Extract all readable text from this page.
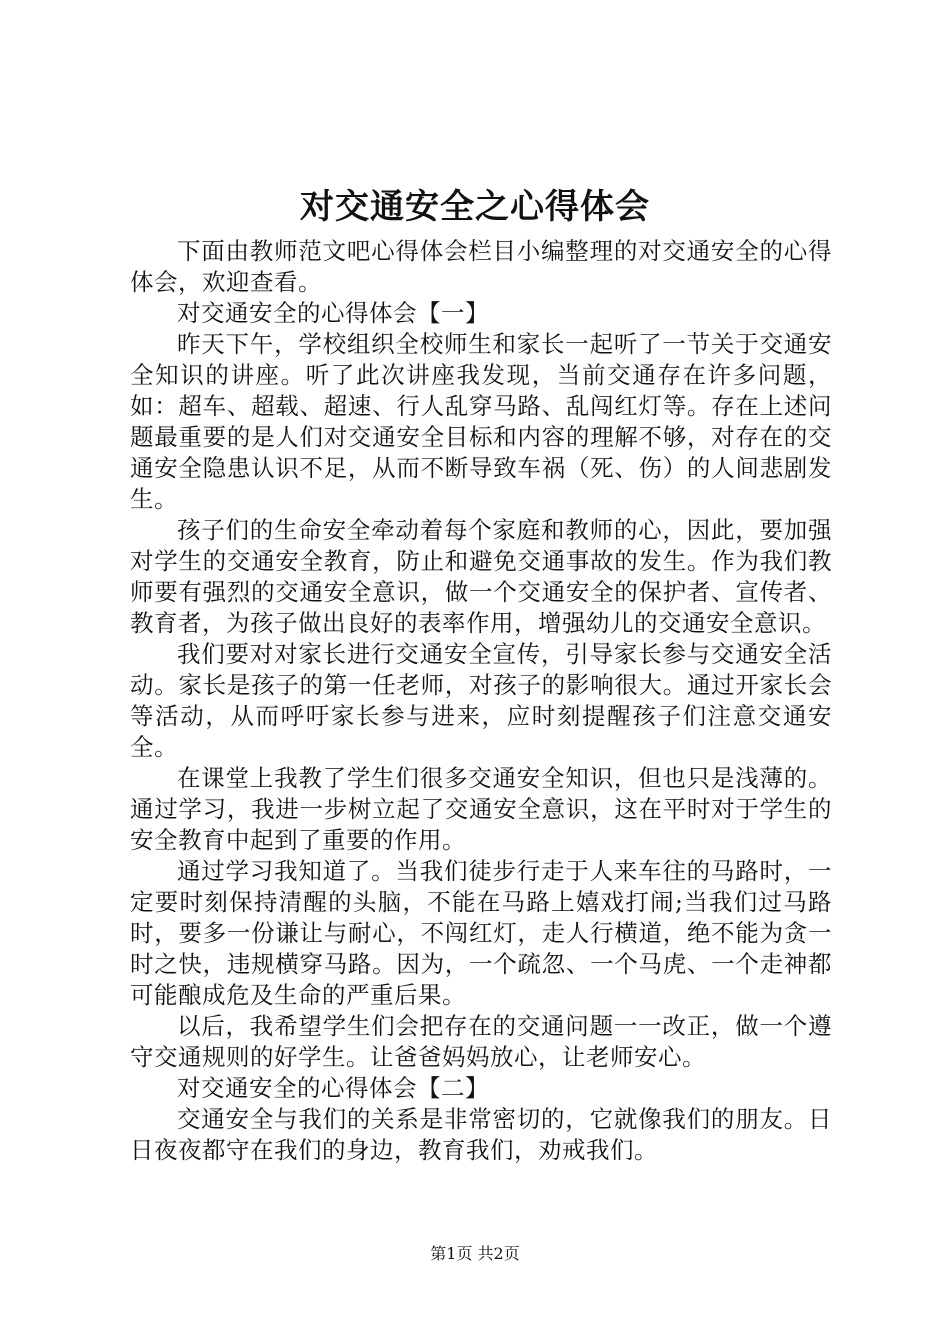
对交通安全之心得体会

下面由教师范文吧心得体会栏目小编整理的对交通安全的心得体会，欢迎查看。

对交通安全的心得体会【一】

昨天下午，学校组织全校师生和家长一起听了一节关于交通安全知识的讲座。听了此次讲座我发现，当前交通存在许多问题，如：超车、超载、超速、行人乱穿马路、乱闯红灯等。存在上述问题最重要的是人们对交通安全目标和内容的理解不够，对存在的交通安全隐患认识不足，从而不断导致车祸（死、伤）的人间悲剧发生。

孩子们的生命安全牵动着每个家庭和教师的心，因此，要加强对学生的交通安全教育，防止和避免交通事故的发生。作为我们教师要有强烈的交通安全意识，做一个交通安全的保护者、宣传者、教育者，为孩子做出良好的表率作用，增强幼儿的交通安全意识。

我们要对对家长进行交通安全宣传，引导家长参与交通安全活动。家长是孩子的第一任老师，对孩子的影响很大。通过开家长会等活动，从而呼吁家长参与进来，应时刻提醒孩子们注意交通安全。

在课堂上我教了学生们很多交通安全知识，但也只是浅薄的。通过学习，我进一步树立起了交通安全意识，这在平时对于学生的安全教育中起到了重要的作用。

通过学习我知道了。当我们徒步行走于人来车往的马路时，一定要时刻保持清醒的头脑，不能在马路上嬉戏打闹;当我们过马路时，要多一份谦让与耐心，不闯红灯，走人行横道，绝不能为贪一时之快，违规横穿马路。因为，一个疏忽、一个马虎、一个走神都可能酿成危及生命的严重后果。

以后，我希望学生们会把存在的交通问题一一改正，做一个遵守交通规则的好学生。让爸爸妈妈放心，让老师安心。

对交通安全的心得体会【二】

交通安全与我们的关系是非常密切的，它就像我们的朋友。日日夜夜都守在我们的身边，教育我们，劝戒我们。

第1页 共2页
